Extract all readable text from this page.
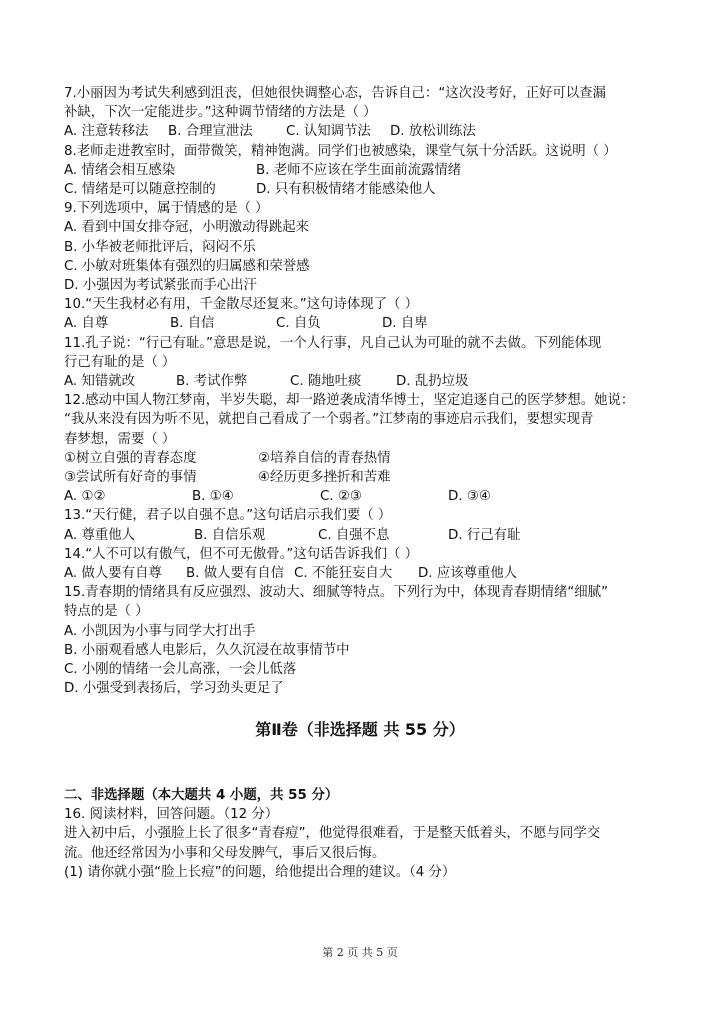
7.小丽因为考试失利感到沮丧，但她很快调整心态，告诉自己：“这次没考好，正好可以查漏
补缺，下次一定能进步。”这种调节情绪的方法是（ ）
A. 注意转移法	B. 合理宣泄法	C. 认知调节法	D. 放松训练法
8.老师走进教室时，面带微笑，精神饱满。同学们也被感染，课堂气氛十分活跃。这说明（ ）
A. 情绪会相互感染	B. 老师不应该在学生面前流露情绪
C. 情绪是可以随意控制的	D. 只有积极情绪才能感染他人
9.下列选项中，属于情感的是（ ）
A. 看到中国女排夺冠，小明激动得跳起来
B. 小华被老师批评后，闷闷不乐
C. 小敏对班集体有强烈的归属感和荣誉感
D. 小强因为考试紧张而手心出汗
10.“天生我材必有用，千金散尽还复来。”这句诗体现了（ ）
A. 自尊	B. 自信	C. 自负	D. 自卑
11.孔子说：“行己有耻。”意思是说，一个人行事，凡自己认为可耻的就不去做。下列能体现
行己有耻的是（ ）
A. 知错就改	B. 考试作弊	C. 随地吐痰	D. 乱扔垃圾
12.感动中国人物江梦南，半岁失聪，却一路逆袭成清华博士，坚定追逐自己的医学梦想。她说：
“我从来没有因为听不见，就把自己看成了一个弱者。”江梦南的事迹启示我们，要想实现青
春梦想，需要（ ）
①树立自强的青春态度	②培养自信的青春热情
③尝试所有好奇的事情	④经历更多挫折和苦难
A. ①②	B. ①④	C. ②③	D. ③④
13.“天行健，君子以自强不息。”这句话启示我们要（ ）
A. 尊重他人	B. 自信乐观	C. 自强不息	D. 行己有耻
14.“人不可以有傲气，但不可无傲骨。”这句话告诉我们（ ）
A. 做人要有自尊	B. 做人要有自信 C. 不能狂妄自大	D. 应该尊重他人
15.青春期的情绪具有反应强烈、波动大、细腻等特点。下列行为中，体现青春期情绪“细腻”
特点的是（ ）
A. 小凯因为小事与同学大打出手
B. 小丽观看感人电影后，久久沉浸在故事情节中
C. 小刚的情绪一会儿高涨，一会儿低落
D. 小强受到表扬后，学习劲头更足了
第Ⅱ卷（非选择题 共 55 分）
二、非选择题（本大题共 4 小题，共 55 分）
16. 阅读材料，回答问题。（12 分）
进入初中后，小强脸上长了很多“青春痘”，他觉得很难看，于是整天低着头，不愿与同学交
流。他还经常因为小事和父母发脾气，事后又很后悔。
(1) 请你就小强“脸上长痘”的问题，给他提出合理的建议。（4 分）
第 2 页 共 5 页
